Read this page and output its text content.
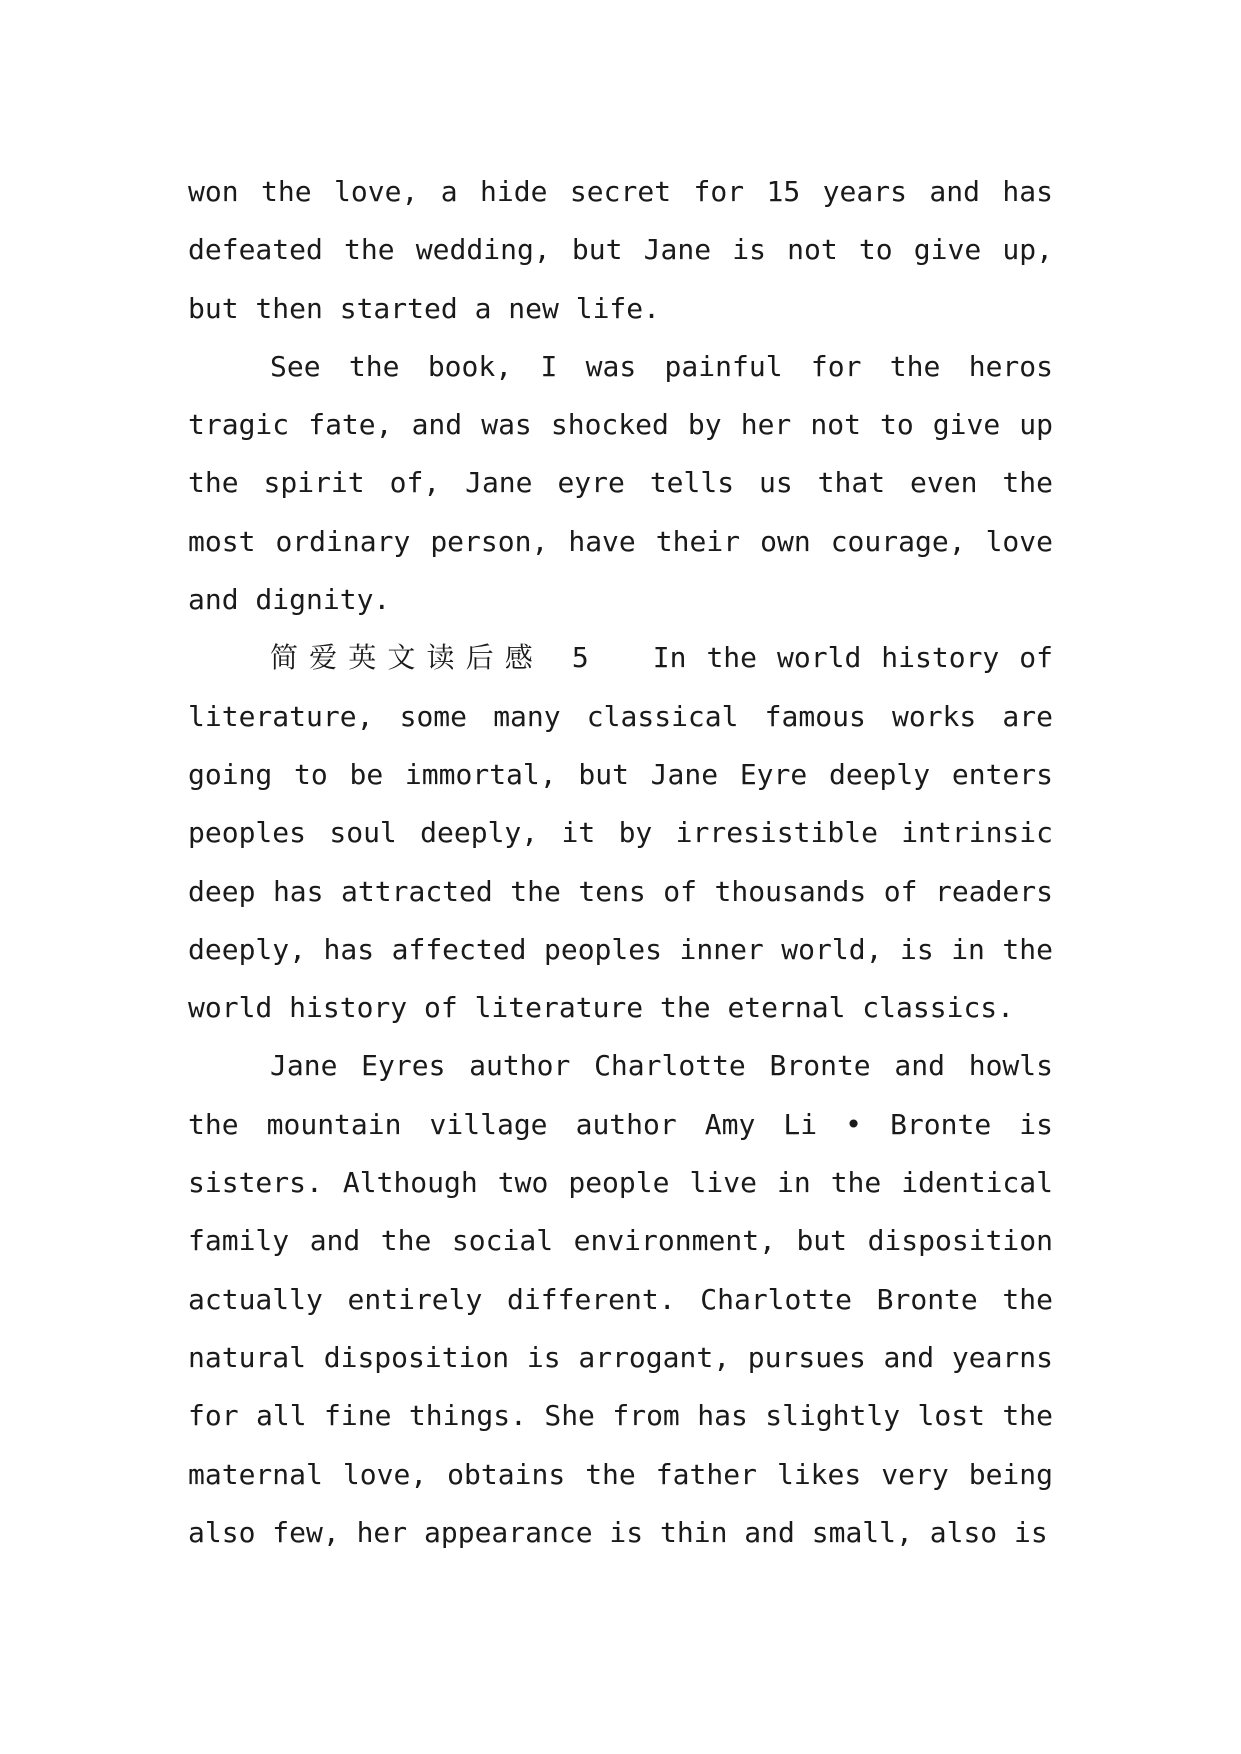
won the love, a hide secret for 15 years and has defeated the wedding, but Jane is not to give up, but then started a new life.

See the book, I was painful for the heros tragic fate, and was shocked by her not to give up the spirit of, Jane eyre tells us that even the most ordinary person, have their own courage, love and dignity.

简爱英文读后感 5 In the world history of literature, some many classical famous works are going to be immortal, but Jane Eyre deeply enters peoples soul deeply, it by irresistible intrinsic deep has attracted the tens of thousands of readers deeply, has affected peoples inner world, is in the world history of literature the eternal classics.

Jane Eyres author Charlotte Bronte and howls the mountain village author Amy Li • Bronte is sisters. Although two people live in the identical family and the social environment, but disposition actually entirely different. Charlotte Bronte the natural disposition is arrogant, pursues and yearns for all fine things. She from has slightly lost the maternal love, obtains the father likes very being also few, her appearance is thin and small, also is
